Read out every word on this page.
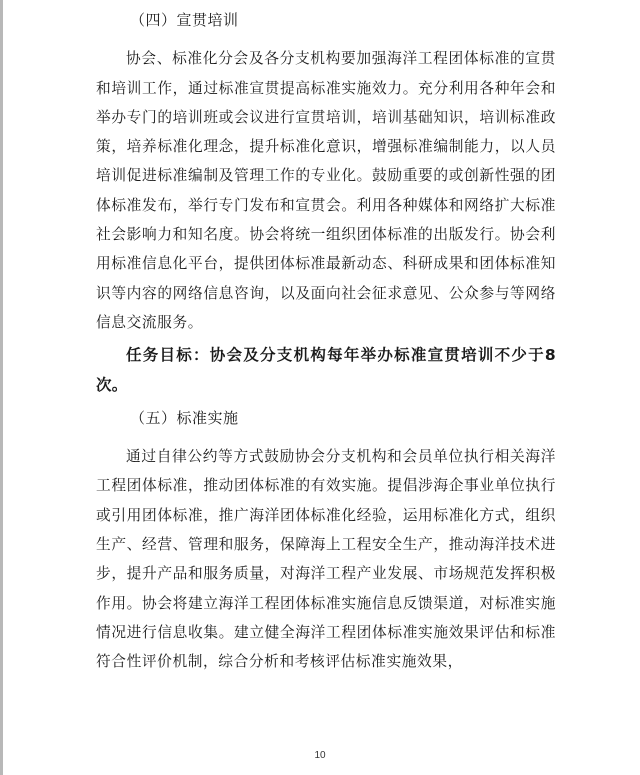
（四）宣贯培训
协会、标准化分会及各分支机构要加强海洋工程团体标准的宣贯和培训工作，通过标准宣贯提高标准实施效力。充分利用各种年会和举办专门的培训班或会议进行宣贯培训，培训基础知识，培训标准政策，培养标准化理念，提升标准化意识，增强标准编制能力，以人员培训促进标准编制及管理工作的专业化。鼓励重要的或创新性强的团体标准发布，举行专门发布和宣贯会。利用各种媒体和网络扩大标准社会影响力和知名度。协会将统一组织团体标准的出版发行。协会利用标准信息化平台，提供团体标准最新动态、科研成果和团体标准知识等内容的网络信息咨询，以及面向社会征求意见、公众参与等网络信息交流服务。
任务目标：协会及分支机构每年举办标准宣贯培训不少于8次。
（五）标准实施
通过自律公约等方式鼓励协会分支机构和会员单位执行相关海洋工程团体标准，推动团体标准的有效实施。提倡涉海企事业单位执行或引用团体标准，推广海洋团体标准化经验，运用标准化方式，组织生产、经营、管理和服务，保障海上工程安全生产，推动海洋技术进步，提升产品和服务质量，对海洋工程产业发展、市场规范发挥积极作用。协会将建立海洋工程团体标准实施信息反馈渠道，对标准实施情况进行信息收集。建立健全海洋工程团体标准实施效果评估和标准符合性评价机制，综合分析和考核评估标准实施效果，
10
